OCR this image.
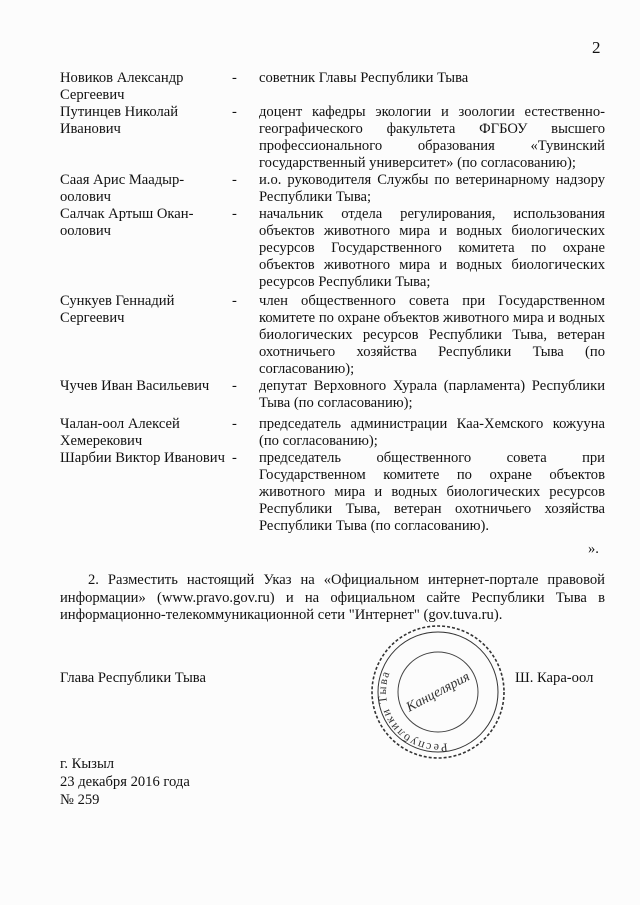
2
Новиков Александр Сергеевич
-	советник Главы Республики Тыва
Путинцев Николай Иванович
-	доцент кафедры экологии и зоологии естественно-географического факультета ФГБОУ высшего профессионального образования «Тувинский государственный университет» (по согласованию);
Саая Арис Маадыр-оолович
-	и.о. руководителя Службы по ветеринарному надзору Республики Тыва;
Салчак Артыш Окан-оолович
-	начальник отдела регулирования, использования объектов животного мира и водных биологических ресурсов Государственного комитета по охране объектов животного мира и водных биологических ресурсов Республики Тыва;
Сункуев Геннадий Сергеевич
-	член общественного совета при Государственном комитете по охране объектов животного мира и водных биологических ресурсов Республики Тыва, ветеран охотничьего хозяйства Республики Тыва (по согласованию);
Чучев Иван Васильевич	-	депутат Верховного Хурала (парламента) Республики Тыва (по согласованию);
Чалан-оол Алексей Хемерекович
-	председатель администрации Каа-Хемского кожууна (по согласованию);
Шарбии Виктор Иванович -	председатель общественного совета при Государственном комитете по охране объектов животного мира и водных биологических ресурсов Республики Тыва, ветеран охотничьего хозяйства Республики Тыва (по согласованию).
».
2. Разместить настоящий Указ на «Официальном интернет-портале правовой информации» (www.pravo.gov.ru) и на официальном сайте Республики Тыва в информационно-телекоммуникационной сети "Интернет" (gov.tuva.ru).
Глава Республики Тыва
Республики Тыва Канцелярия	Ш. Кара-оол
г. Кызыл
23 декабря 2016 года
№ 259
